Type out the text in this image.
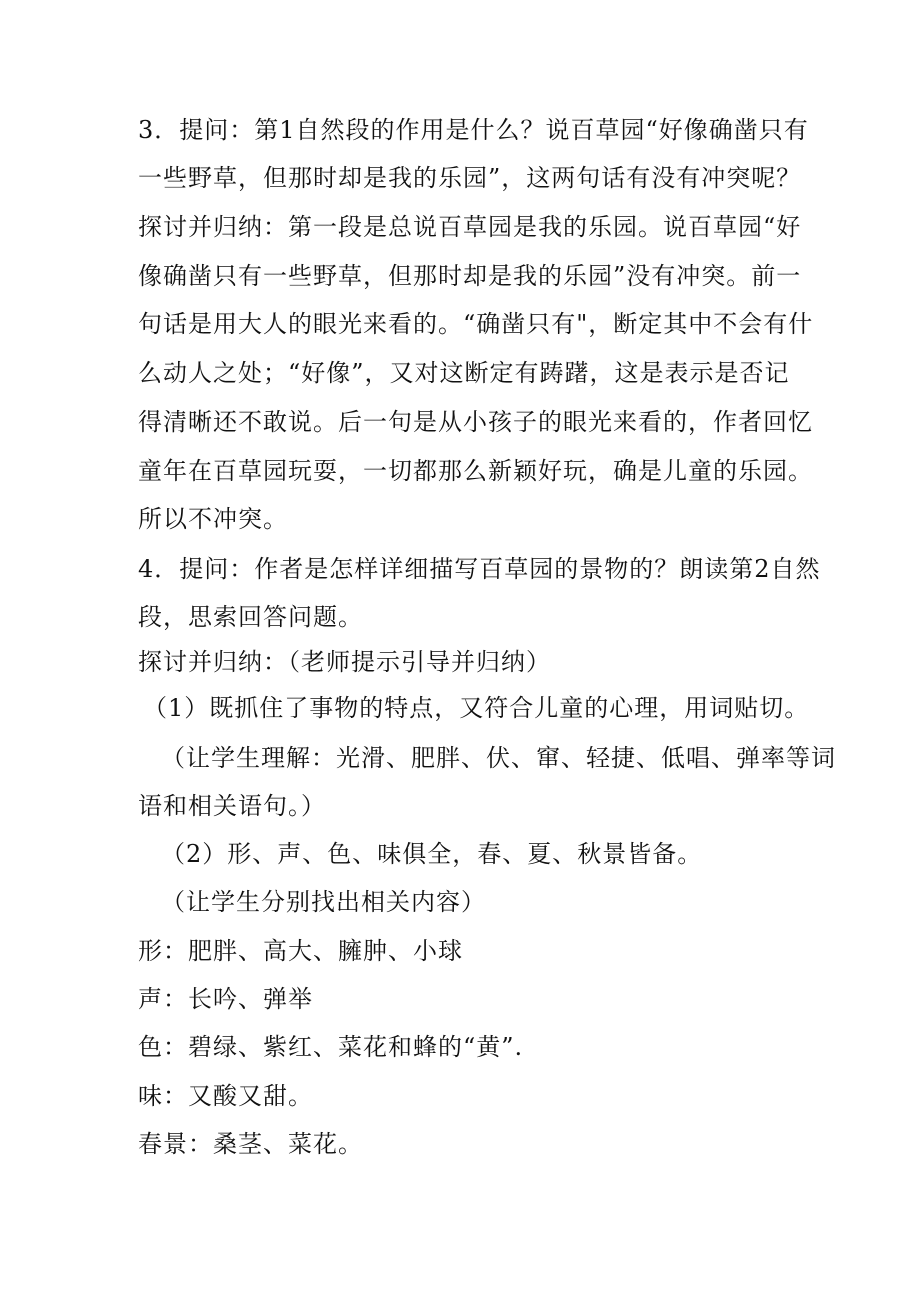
3．提问：第1自然段的作用是什么？说百草园“好像确凿只有
一些野草，但那时却是我的乐园”，这两句话有没有冲突呢？
探讨并归纳：第一段是总说百草园是我的乐园。说百草园“好
像确凿只有一些野草，但那时却是我的乐园”没有冲突。前一
句话是用大人的眼光来看的。“确凿只有"，断定其中不会有什
么动人之处；“好像”，又对这断定有踌躇，这是表示是否记
得清晰还不敢说。后一句是从小孩子的眼光来看的，作者回忆
童年在百草园玩耍，一切都那么新颖好玩，确是儿童的乐园。
所以不冲突。
4．提问：作者是怎样详细描写百草园的景物的？朗读第2自然
段，思索回答问题。
探讨并归纳：（老师提示引导并归纳）
（1）既抓住了事物的特点，又符合儿童的心理，用词贴切。
（让学生理解：光滑、肥胖、伏、窜、轻捷、低唱、弹率等词
语和相关语句。）
（2）形、声、色、味俱全，春、夏、秋景皆备。
（让学生分别找出相关内容）
形：肥胖、高大、臃肿、小球
声：长吟、弹举
色：碧绿、紫红、菜花和蜂的“黄”.
味：又酸又甜。
春景：桑茎、菜花。
